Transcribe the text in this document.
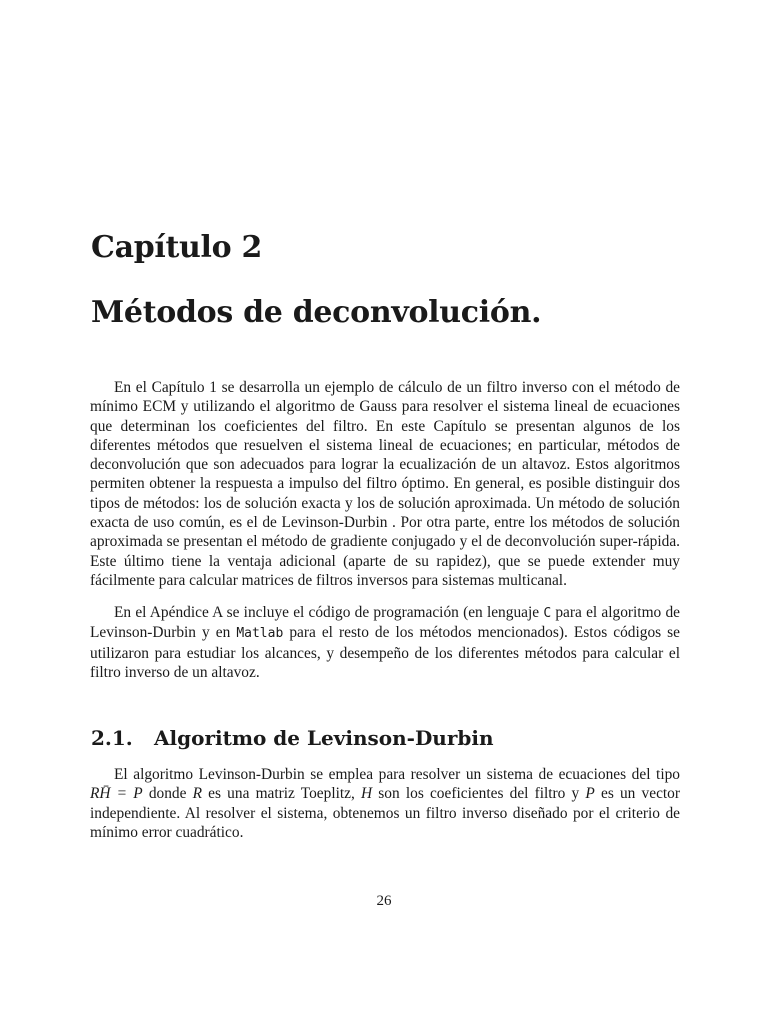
Capítulo 2
Métodos de deconvolución.

En el Capítulo 1 se desarrolla un ejemplo de cálculo de un filtro inverso con el método de mínimo ECM y utilizando el algoritmo de Gauss para resolver el sistema lineal de ecuaciones que determinan los coeficientes del filtro. En este Capítulo se presentan algunos de los diferentes métodos que resuelven el sistema lineal de ecuaciones; en particular, métodos de deconvolución que son adecuados para lograr la ecualización de un altavoz. Estos algoritmos permiten obtener la respuesta a impulso del filtro óptimo. En general, es posible distinguir dos tipos de métodos: los de solución exacta y los de solución aproximada. Un método de solución exacta de uso común, es el de Levinson-Durbin . Por otra parte, entre los métodos de solución aproximada se presentan el método de gradiente conjugado y el de deconvolución super-rápida. Este último tiene la ventaja adicional (aparte de su rapidez), que se puede extender muy fácilmente para calcular matrices de filtros inversos para sistemas multicanal.

En el Apéndice A se incluye el código de programación (en lenguaje C para el algoritmo de Levinson-Durbin y en Matlab para el resto de los métodos mencionados). Estos códigos se utilizaron para estudiar los alcances, y desempeño de los diferentes métodos para calcular el filtro inverso de un altavoz.

2.1. Algoritmo de Levinson-Durbin

El algoritmo Levinson-Durbin se emplea para resolver un sistema de ecuaciones del tipo RH̄ = P donde R es una matriz Toeplitz, H son los coeficientes del filtro y P es un vector independiente. Al resolver el sistema, obtenemos un filtro inverso diseñado por el criterio de mínimo error cuadrático.

26
